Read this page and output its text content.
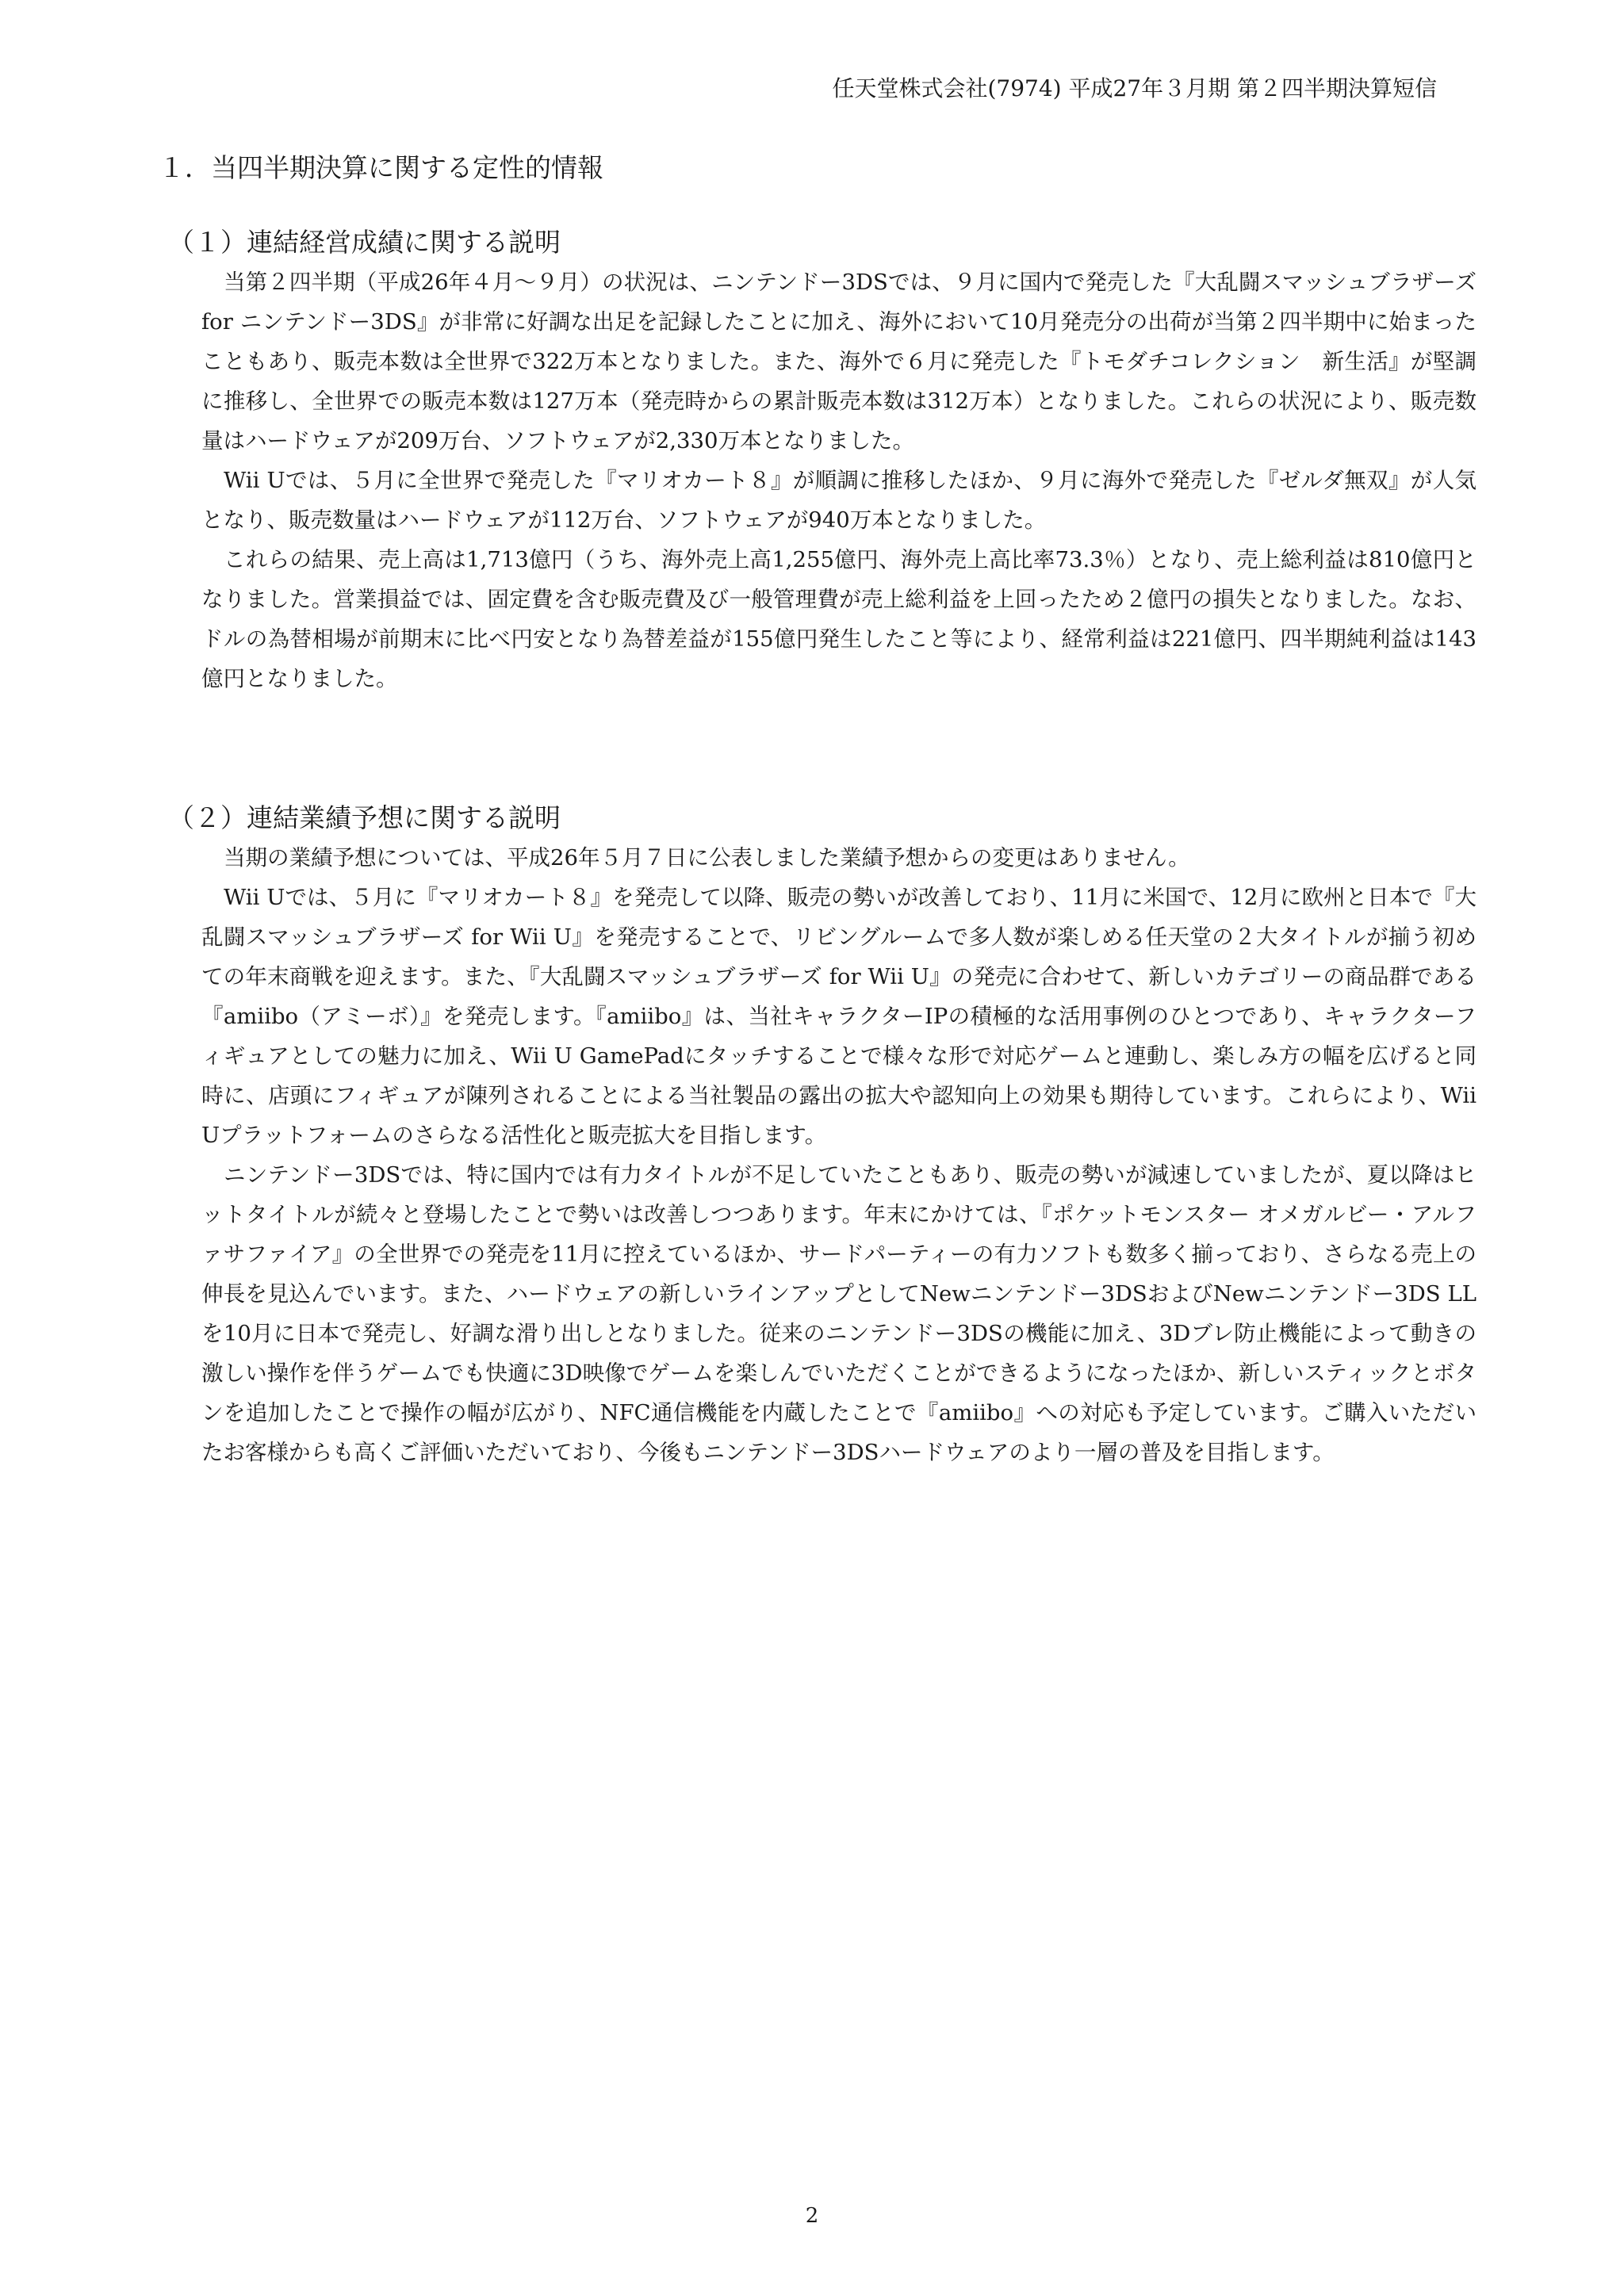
任天堂株式会社(7974) 平成27年３月期 第２四半期決算短信
１．当四半期決算に関する定性的情報
（１）連結経営成績に関する説明

当第２四半期（平成26年４月～９月）の状況は、ニンテンドー3DSでは、９月に国内で発売した『大乱闘スマッシュブラザーズ for ニンテンドー3DS』が非常に好調な出足を記録したことに加え、海外において10月発売分の出荷が当第２四半期中に始まったこともあり、販売本数は全世界で322万本となりました。また、海外で６月に発売した『トモダチコレクション　新生活』が堅調に推移し、全世界での販売本数は127万本（発売時からの累計販売本数は312万本）となりました。これらの状況により、販売数量はハードウェアが209万台、ソフトウェアが2,330万本となりました。

Wii Uでは、５月に全世界で発売した『マリオカート８』が順調に推移したほか、９月に海外で発売した『ゼルダ無双』が人気となり、販売数量はハードウェアが112万台、ソフトウェアが940万本となりました。

これらの結果、売上高は1,713億円（うち、海外売上高1,255億円、海外売上高比率73.3％）となり、売上総利益は810億円となりました。営業損益では、固定費を含む販売費及び一般管理費が売上総利益を上回ったため２億円の損失となりました。なお、ドルの為替相場が前期末に比べ円安となり為替差益が155億円発生したこと等により、経常利益は221億円、四半期純利益は143億円となりました。

（２）連結業績予想に関する説明

当期の業績予想については、平成26年５月７日に公表しました業績予想からの変更はありません。

Wii Uでは、５月に『マリオカート８』を発売して以降、販売の勢いが改善しており、11月に米国で、12月に欧州と日本で『大乱闘スマッシュブラザーズ for Wii U』を発売することで、リビングルームで多人数が楽しめる任天堂の２大タイトルが揃う初めての年末商戦を迎えます。また、『大乱闘スマッシュブラザーズ for Wii U』の発売に合わせて、新しいカテゴリーの商品群である『amiibo（アミーボ）』を発売します。『amiibo』は、当社キャラクターIPの積極的な活用事例のひとつであり、キャラクターフィギュアとしての魅力に加え、Wii U GamePadにタッチすることで様々な形で対応ゲームと連動し、楽しみ方の幅を広げると同時に、店頭にフィギュアが陳列されることによる当社製品の露出の拡大や認知向上の効果も期待しています。これらにより、Wii Uプラットフォームのさらなる活性化と販売拡大を目指します。

ニンテンドー3DSでは、特に国内では有力タイトルが不足していたこともあり、販売の勢いが減速していましたが、夏以降はヒットタイトルが続々と登場したことで勢いは改善しつつあります。年末にかけては、『ポケットモンスター オメガルビー・アルファサファイア』の全世界での発売を11月に控えているほか、サードパーティーの有力ソフトも数多く揃っており、さらなる売上の伸長を見込んでいます。また、ハードウェアの新しいラインアップとしてNewニンテンドー3DSおよびNewニンテンドー3DS LLを10月に日本で発売し、好調な滑り出しとなりました。従来のニンテンドー3DSの機能に加え、3Dブレ防止機能によって動きの激しい操作を伴うゲームでも快適に3D映像でゲームを楽しんでいただくことができるようになったほか、新しいスティックとボタンを追加したことで操作の幅が広がり、NFC通信機能を内蔵したことで『amiibo』への対応も予定しています。ご購入いただいたお客様からも高くご評価いただいており、今後もニンテンドー3DSハードウェアのより一層の普及を目指します。

2
